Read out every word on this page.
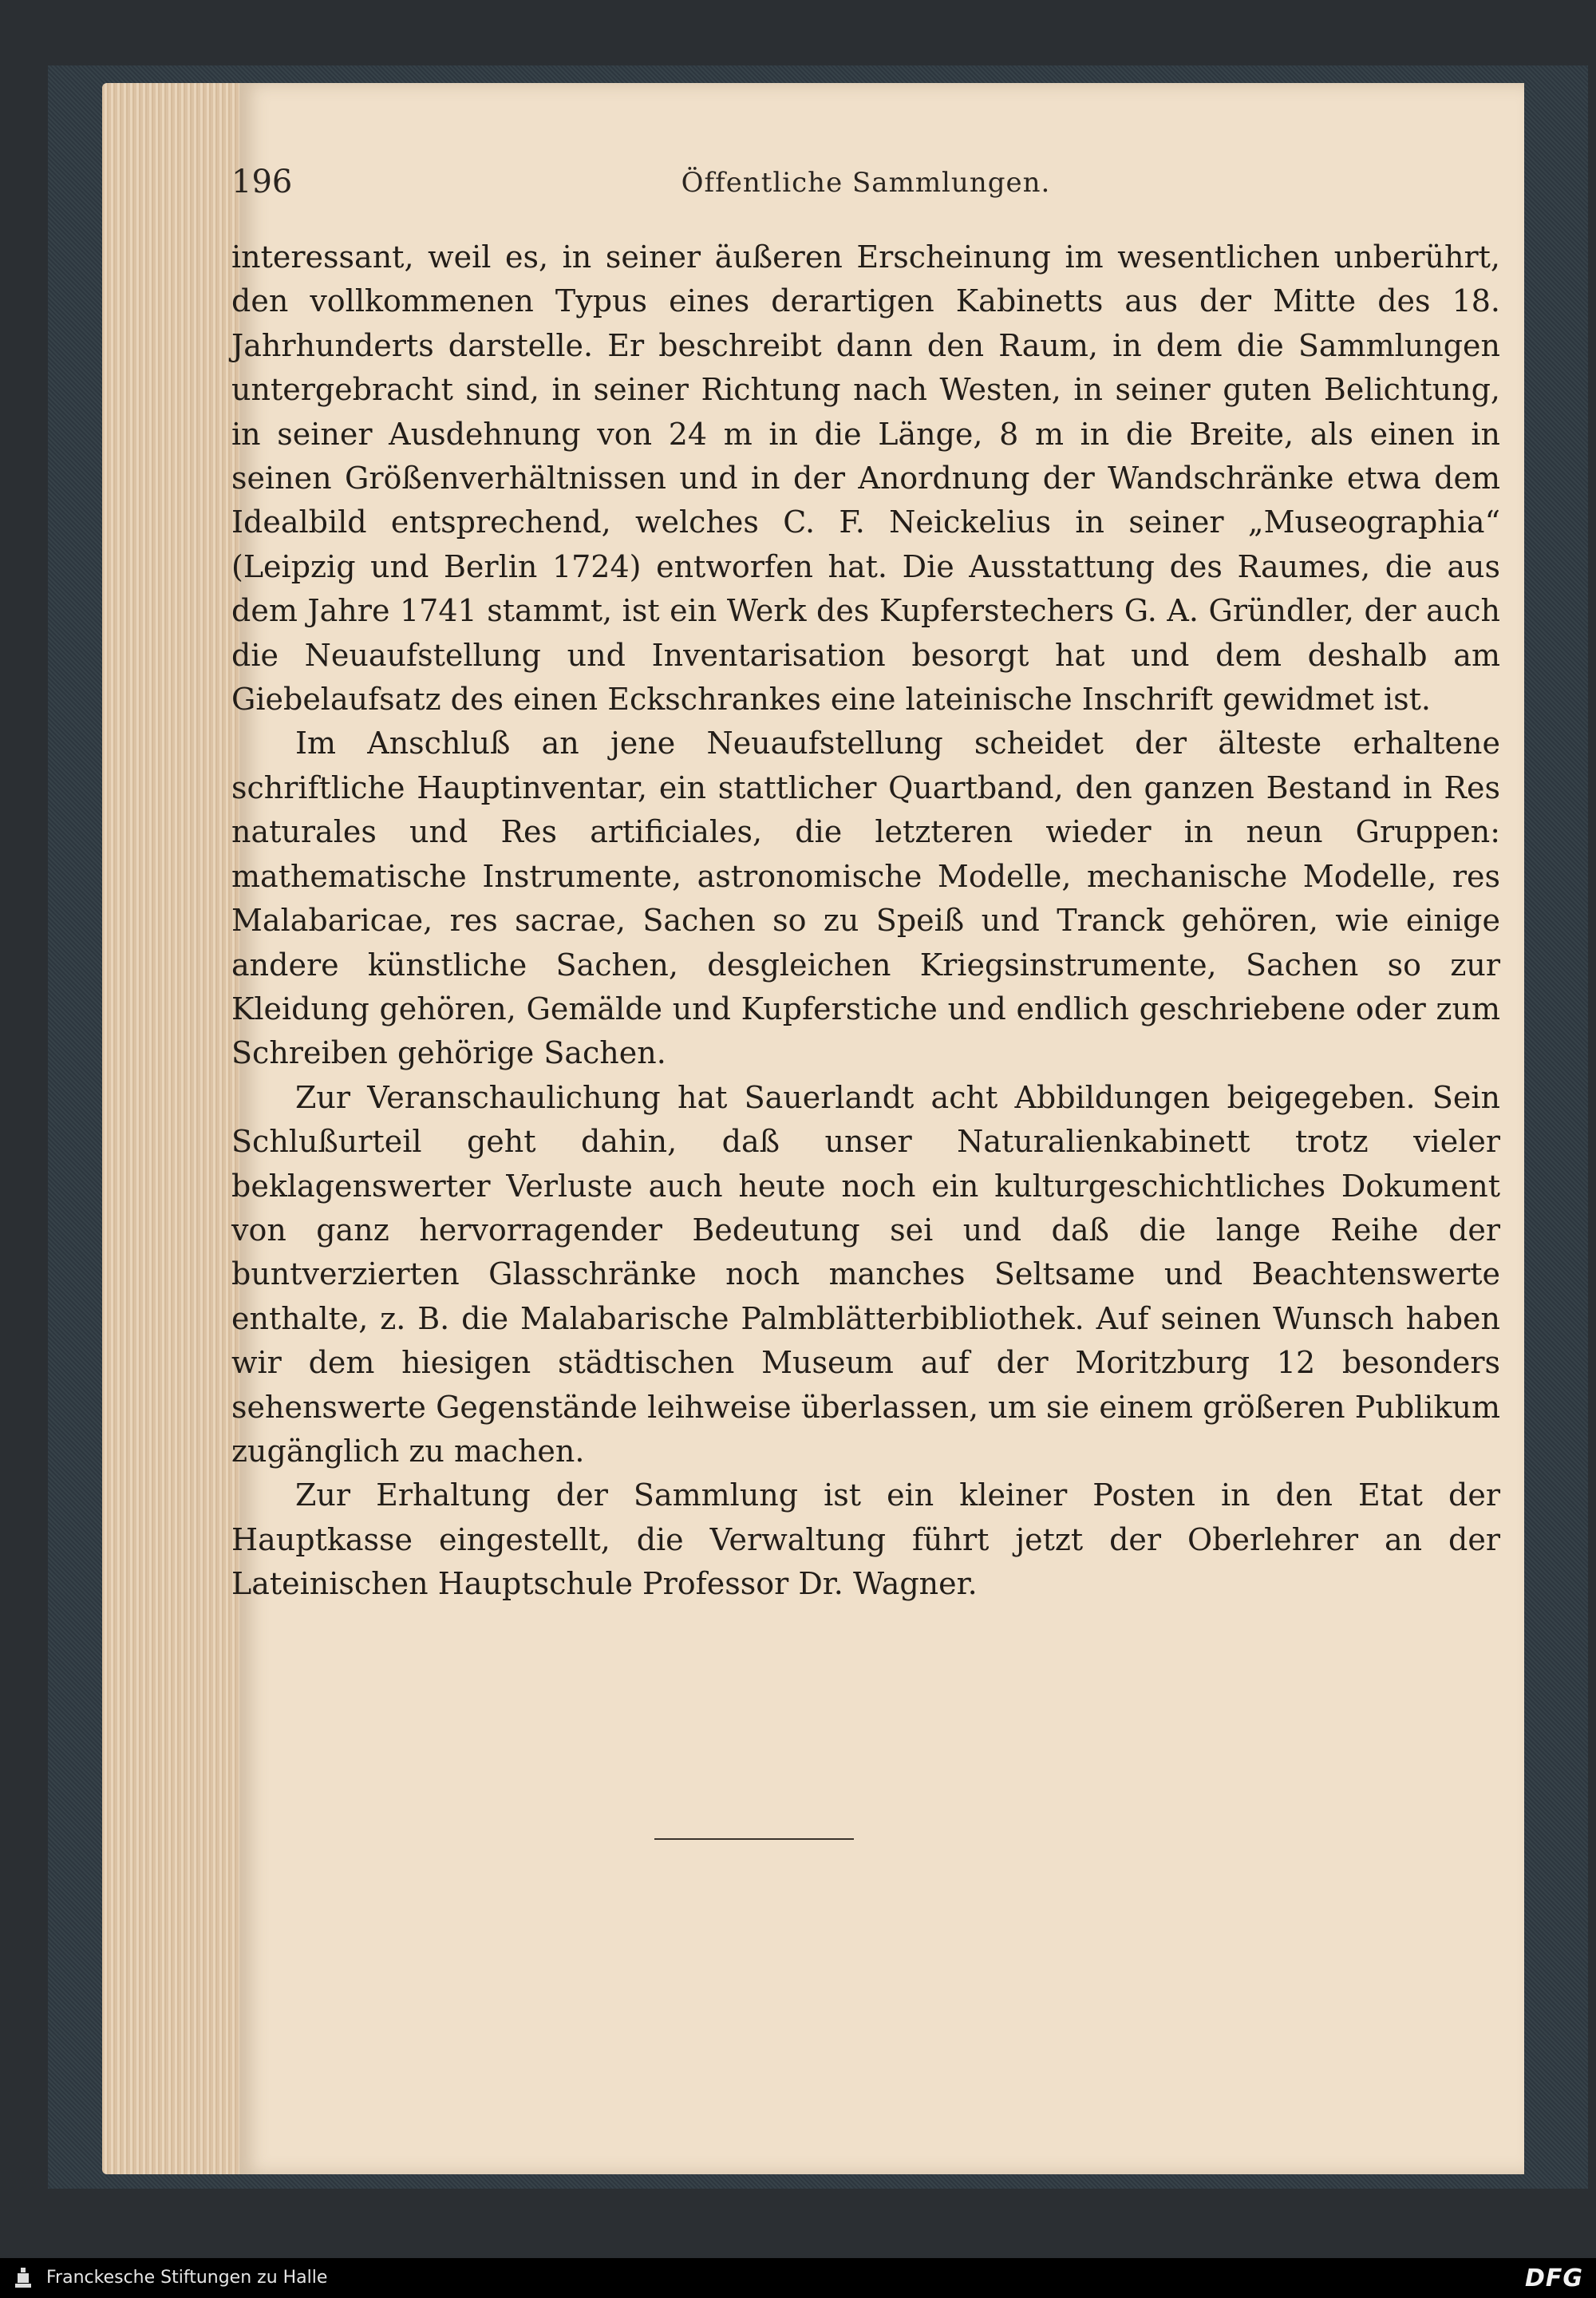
196	Öffentliche Sammlungen.

interessant, weil es, in seiner äußeren Erscheinung im wesentlichen unberührt, den vollkommenen Typus eines derartigen Kabinetts aus der Mitte des 18. Jahrhunderts darstelle. Er beschreibt dann den Raum, in dem die Sammlungen untergebracht sind, in seiner Richtung nach Westen, in seiner guten Belichtung, in seiner Ausdehnung von 24 m in die Länge, 8 m in die Breite, als einen in seinen Größenverhältnissen und in der Anordnung der Wandschränke etwa dem Idealbild entsprechend, welches C. F. Neickelius in seiner „Museographia“ (Leipzig und Berlin 1724) entworfen hat. Die Ausstattung des Raumes, die aus dem Jahre 1741 stammt, ist ein Werk des Kupferstechers G. A. Gründler, der auch die Neuaufstellung und Inventarisation besorgt hat und dem deshalb am Giebelaufsatz des einen Eckschrankes eine lateinische Inschrift gewidmet ist.

Im Anschluß an jene Neuaufstellung scheidet der älteste erhaltene schriftliche Hauptinventar, ein stattlicher Quartband, den ganzen Bestand in Res naturales und Res artificiales, die letzteren wieder in neun Gruppen: mathematische Instrumente, astronomische Modelle, mechanische Modelle, res Malabaricae, res sacrae, Sachen so zu Speiß und Tranck gehören, wie einige andere künstliche Sachen, desgleichen Kriegsinstrumente, Sachen so zur Kleidung gehören, Gemälde und Kupferstiche und endlich geschriebene oder zum Schreiben gehörige Sachen.

Zur Veranschaulichung hat Sauerlandt acht Abbildungen beigegeben. Sein Schlußurteil geht dahin, daß unser Naturalienkabinett trotz vieler beklagenswerter Verluste auch heute noch ein kulturgeschichtliches Dokument von ganz hervorragender Bedeutung sei und daß die lange Reihe der buntverzierten Glasschränke noch manches Seltsame und Beachtenswerte enthalte, z. B. die Malabarische Palmblätterbibliothek. Auf seinen Wunsch haben wir dem hiesigen städtischen Museum auf der Moritzburg 12 besonders sehenswerte Gegenstände leihweise überlassen, um sie einem größeren Publikum zugänglich zu machen.

Zur Erhaltung der Sammlung ist ein kleiner Posten in den Etat der Hauptkasse eingestellt, die Verwaltung führt jetzt der Oberlehrer an der Lateinischen Hauptschule Professor Dr. Wagner.

Franckesche Stiftungen zu Halle	DFG
